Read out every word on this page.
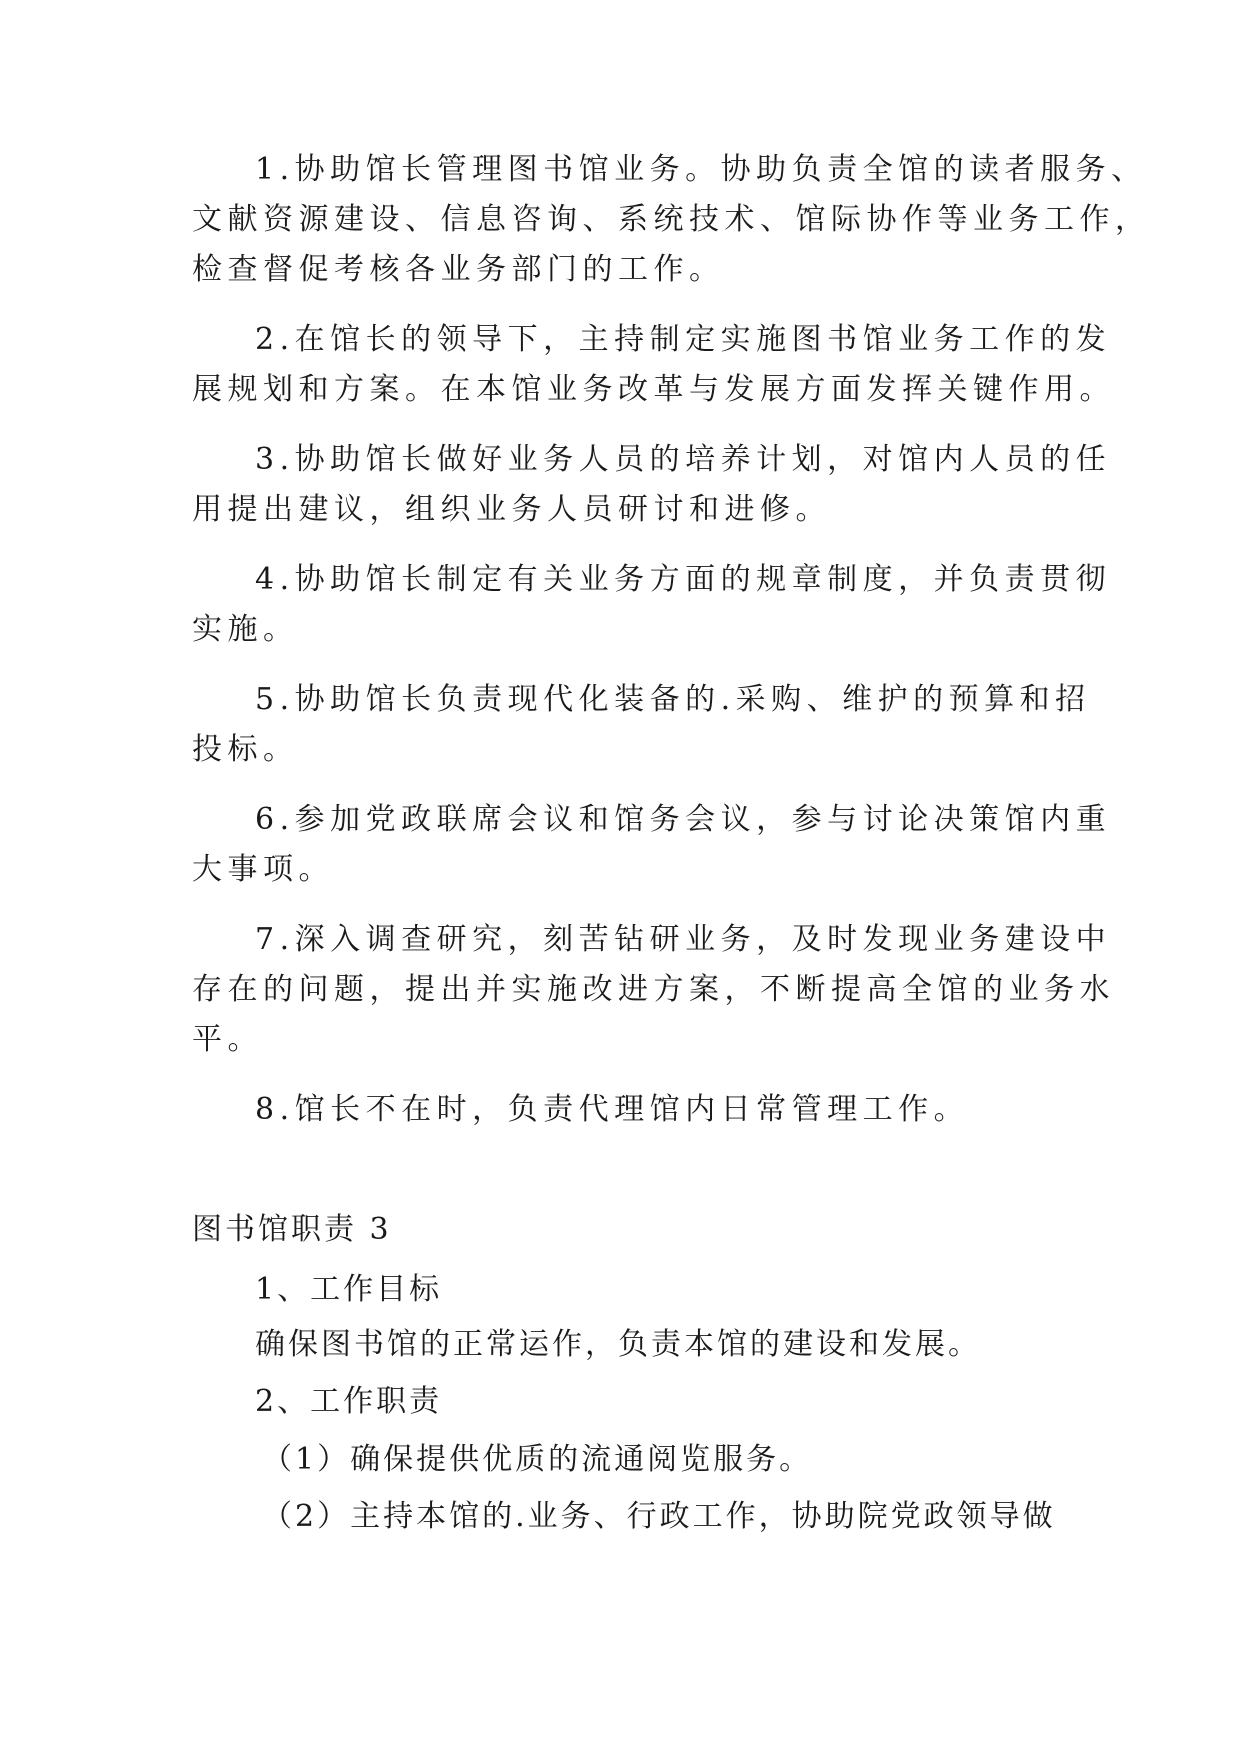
1.协助馆长管理图书馆业务。协助负责全馆的读者服务、
文献资源建设、信息咨询、系统技术、馆际协作等业务工作，
检查督促考核各业务部门的工作。
2.在馆长的领导下，主持制定实施图书馆业务工作的发
展规划和方案。在本馆业务改革与发展方面发挥关键作用。
3.协助馆长做好业务人员的培养计划，对馆内人员的任
用提出建议，组织业务人员研讨和进修。
4.协助馆长制定有关业务方面的规章制度，并负责贯彻
实施。
5.协助馆长负责现代化装备的.采购、维护的预算和招
投标。
6.参加党政联席会议和馆务会议，参与讨论决策馆内重
大事项。
7.深入调查研究，刻苦钻研业务，及时发现业务建设中
存在的问题，提出并实施改进方案，不断提高全馆的业务水
平。
8.馆长不在时，负责代理馆内日常管理工作。
图书馆职责 3
1、工作目标
确保图书馆的正常运作，负责本馆的建设和发展。
2、工作职责
（1）确保提供优质的流通阅览服务。
（2）主持本馆的.业务、行政工作，协助院党政领导做
